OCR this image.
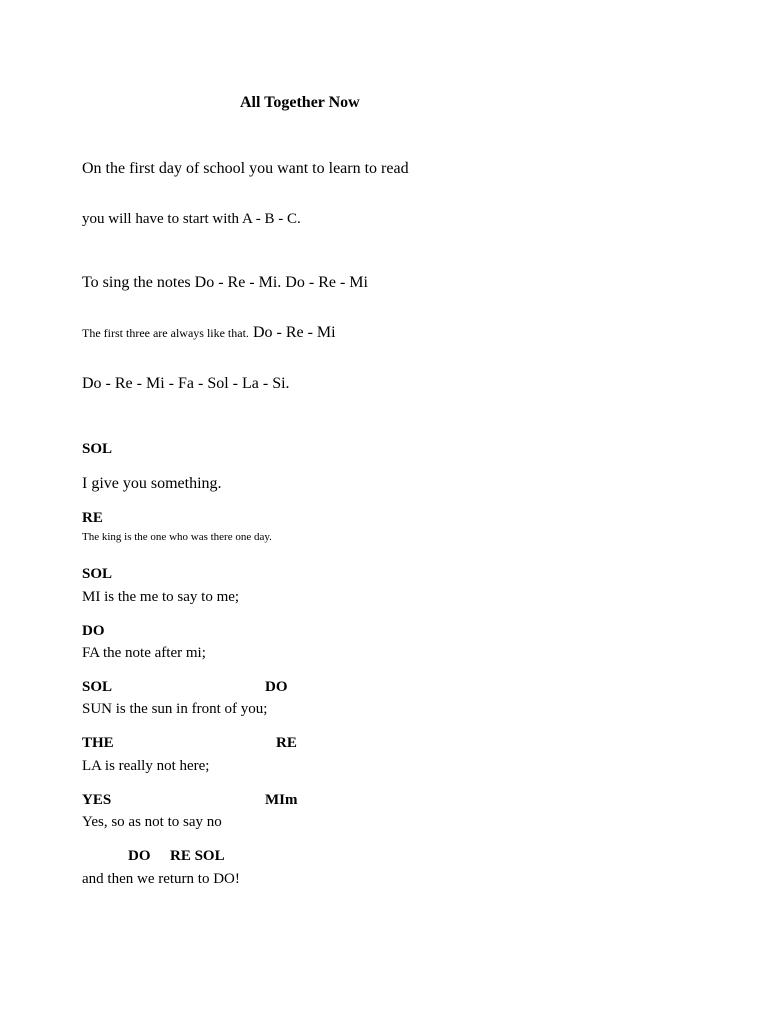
All Together Now
On the first day of school you want to learn to read
you will have to start with A - B - C.
To sing the notes Do - Re - Mi. Do - Re - Mi
The first three are always like that. Do - Re - Mi
Do - Re - Mi - Fa - Sol - La - Si.
SOL
I give you something.
RE
The king is the one who was there one day.
SOL
MI is the me to say to me;
DO
FA the note after mi;
SOL	DO
SUN is the sun in front of you;
THE	RE
LA is really not here;
YES	MIm
Yes, so as not to say no
DO RE SOL
and then we return to DO!
